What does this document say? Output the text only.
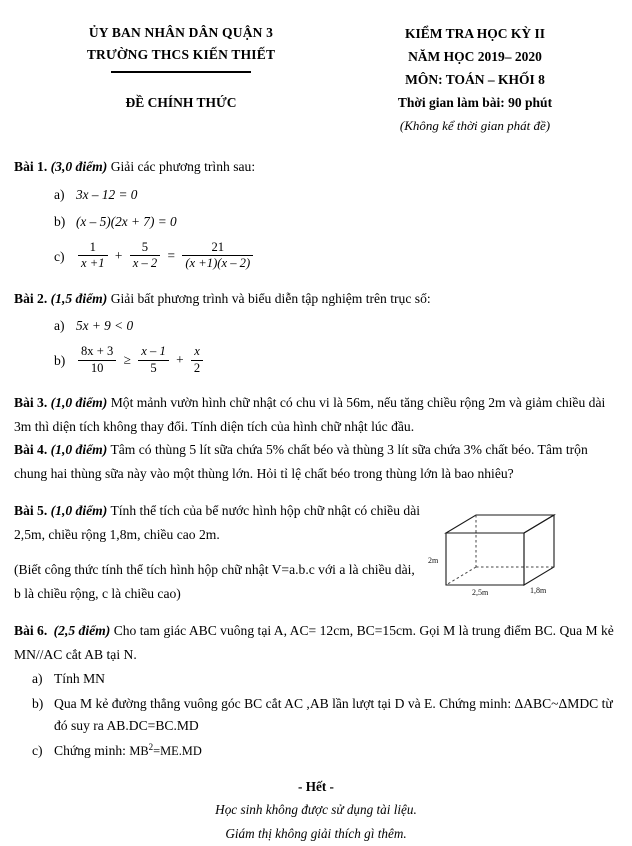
ỦY BAN NHÂN DÂN QUẬN 3
TRƯỜNG THCS KIẾN THIẾT
ĐỀ CHÍNH THỨC
KIỂM TRA HỌC KỲ II
NĂM HỌC 2019– 2020
MÔN: TOÁN – KHỐI 8
Thời gian làm bài: 90 phút
(Không kể thời gian phát đề)
Bài 1. (3,0 điểm) Giải các phương trình sau:
a) 3x – 12 = 0
b) (x – 5)(2x + 7) = 0
c)	$\frac{1}{x +1} + \frac{5}{x - 2} = \frac{21}{(x +1)(x - 2)}$
Bài 2. (1,5 điểm) Giải bất phương trình và biểu diễn tập nghiệm trên trục số:
a) 5x + 9 < 0
b)	$\frac{8x + 3}{10} \ge \frac{x - 1}{5} + \frac{x}{2}$
Bài 3. (1,0 điểm) Một mảnh vườn hình chữ nhật có chu vi là 56m, nếu tăng chiều rộng 2m và giảm chiều dài 3m thì diện tích không thay đổi. Tính diện tích của hình chữ nhật lúc đầu.
Bài 4. (1,0 điểm) Tâm có thùng 5 lít sữa chứa 5% chất béo và thùng 3 lít sữa chứa 3% chất béo. Tâm trộn chung hai thùng sữa này vào một thùng lớn. Hỏi tỉ lệ chất béo trong thùng lớn là bao nhiêu?
Bài 5. (1,0 điểm) Tính thể tích của bể nước hình hộp chữ nhật có chiều dài 2,5m, chiều rộng 1,8m, chiều cao 2m.
(Biết công thức tính thể tích hình hộp chữ nhật V=a.b.c với a là chiều dài, b là chiều rộng, c là chiều cao)
2m
2,5m	1,8m
Bài 6. (2,5 điểm) Cho tam giác ABC vuông tại A, AC= 12cm, BC=15cm. Gọi M là trung điểm BC. Qua M kẻ MN//AC cắt AB tại N.
a) Tính MN
b) Qua M kẻ đường thẳng vuông góc BC cắt AC ,AB lần lượt tại D và E. Chứng minh: ΔABC~ΔMDC từ đó suy ra AB.DC=BC.MD
c) Chứng minh: $MB^2=ME.MD$
- Hết -
Học sinh không được sử dụng tài liệu.
Giám thị không giải thích gì thêm.
